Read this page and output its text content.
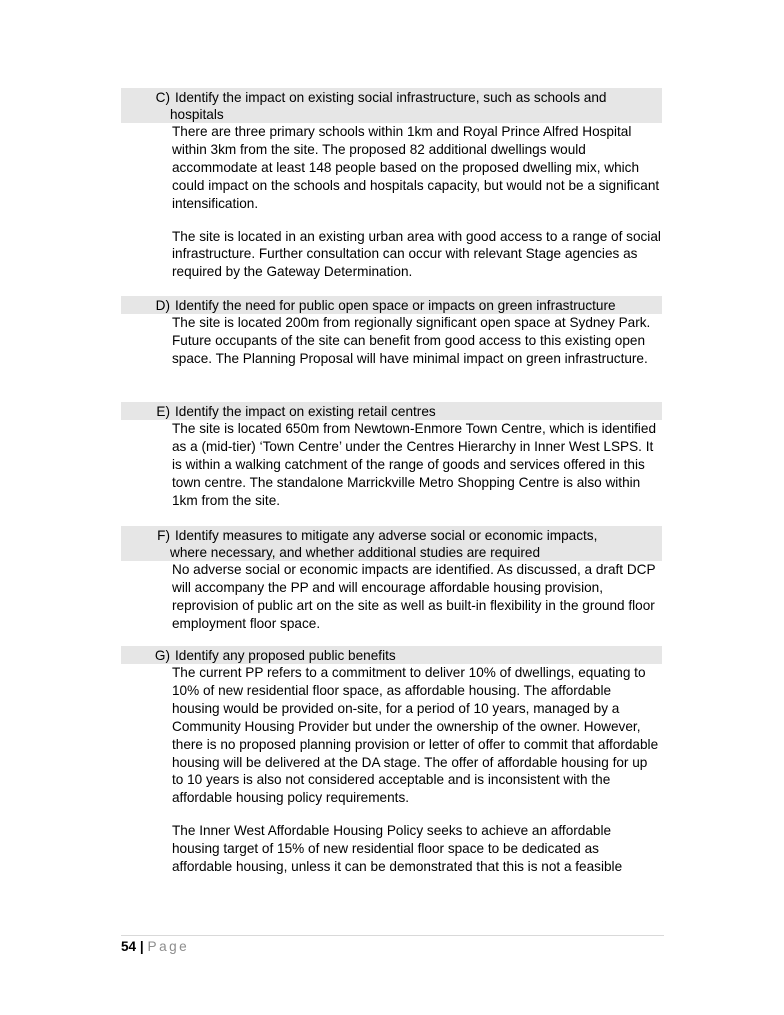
C) Identify the impact on existing social infrastructure, such as schools and
hospitals

There are three primary schools within 1km and Royal Prince Alfred Hospital within 3km from the site. The proposed 82 additional dwellings would accommodate at least 148 people based on the proposed dwelling mix, which could impact on the schools and hospitals capacity, but would not be a significant intensification.

The site is located in an existing urban area with good access to a range of social infrastructure. Further consultation can occur with relevant Stage agencies as required by the Gateway Determination.

D) Identify the need for public open space or impacts on green infrastructure

The site is located 200m from regionally significant open space at Sydney Park. Future occupants of the site can benefit from good access to this existing open space. The Planning Proposal will have minimal impact on green infrastructure.

E) Identify the impact on existing retail centres

The site is located 650m from Newtown-Enmore Town Centre, which is identified as a (mid-tier) ‘Town Centre’ under the Centres Hierarchy in Inner West LSPS. It is within a walking catchment of the range of goods and services offered in this town centre. The standalone Marrickville Metro Shopping Centre is also within 1km from the site.

F) Identify measures to mitigate any adverse social or economic impacts,
where necessary, and whether additional studies are required

No adverse social or economic impacts are identified. As discussed, a draft DCP will accompany the PP and will encourage affordable housing provision, reprovision of public art on the site as well as built-in flexibility in the ground floor employment floor space.

G) Identify any proposed public benefits

The current PP refers to a commitment to deliver 10% of dwellings, equating to 10% of new residential floor space, as affordable housing. The affordable housing would be provided on-site, for a period of 10 years, managed by a Community Housing Provider but under the ownership of the owner. However, there is no proposed planning provision or letter of offer to commit that affordable housing will be delivered at the DA stage. The offer of affordable housing for up to 10 years is also not considered acceptable and is inconsistent with the affordable housing policy requirements.

The Inner West Affordable Housing Policy seeks to achieve an affordable housing target of 15% of new residential floor space to be dedicated as affordable housing, unless it can be demonstrated that this is not a feasible

54 | Page
